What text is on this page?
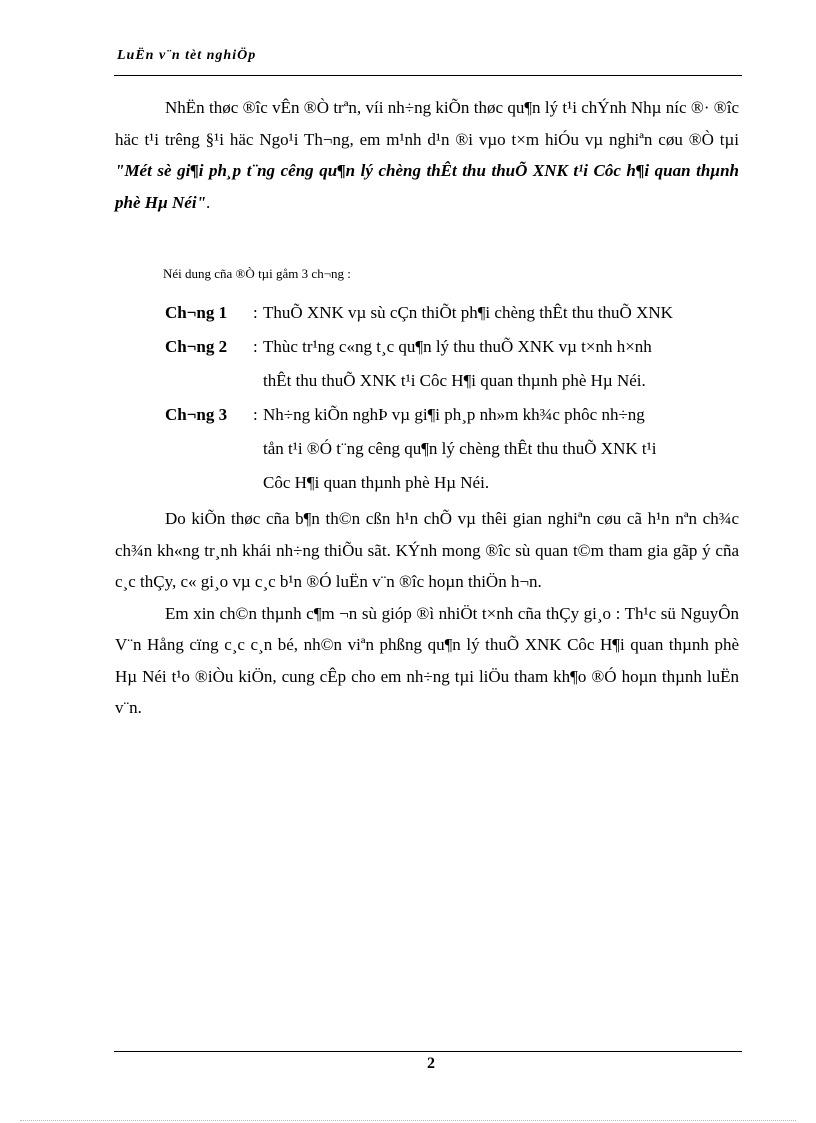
LuËn v¨n tèt nghiÖp

NhËn thøc ®îc vÊn ®Ò trªn, víi nh÷ng kiÕn thøc qu¶n lý t¹i chÝnh Nhµ níc ®· ®îc häc t¹i trêng §¹i häc Ngo¹i Th¬ng, em m¹nh d¹n ®i vµo t×m hiÓu vµ nghiªn cøu ®Ò tµi "Mét sè gi¶i ph¸p t¨ng cêng qu¶n lý chèng thÊt thu thuÕ XNK t¹i Côc h¶i quan thµnh phè Hµ Néi".

Néi dung cña ®Ò tµi gåm 3 ch¬ng :
Ch¬ng 1	: ThuÕ XNK vµ sù cÇn thiÕt ph¶i chèng thÊt thu thuÕ XNK
Ch¬ng 2	: Thùc tr¹ng c«ng t¸c qu¶n lý thu thuÕ XNK vµ t×nh h×nh
thÊt thu thuÕ XNK t¹i Côc H¶i quan thµnh phè Hµ Néi.
Ch¬ng 3	: Nh÷ng kiÕn nghÞ vµ gi¶i ph¸p nh»m kh¾c phôc nh÷ng
tån t¹i ®Ó t¨ng cêng qu¶n lý chèng thÊt thu thuÕ XNK t¹i
Côc H¶i quan thµnh phè Hµ Néi.

Do kiÕn thøc cña b¶n th©n cßn h¹n chÕ vµ thêi gian nghiªn cøu cã h¹n nªn ch¾c ch¾n kh«ng tr¸nh khái nh÷ng thiÕu sãt. KÝnh mong ®îc sù quan t©m tham gia gãp ý cña c¸c thÇy, c« gi¸o vµ c¸c b¹n ®Ó luËn v¨n ®îc hoµn thiÖn h¬n.

Em xin ch©n thµnh c¶m ¬n sù gióp ®ì nhiÖt t×nh cña thÇy gi¸o : Th¹c sü NguyÔn V¨n Hång cïng c¸c c¸n bé, nh©n viªn phßng qu¶n lý thuÕ XNK Côc H¶i quan thµnh phè Hµ Néi t¹o ®iÒu kiÖn, cung cÊp cho em nh÷ng tµi liÖu tham kh¶o ®Ó hoµn thµnh luËn v¨n.

2
